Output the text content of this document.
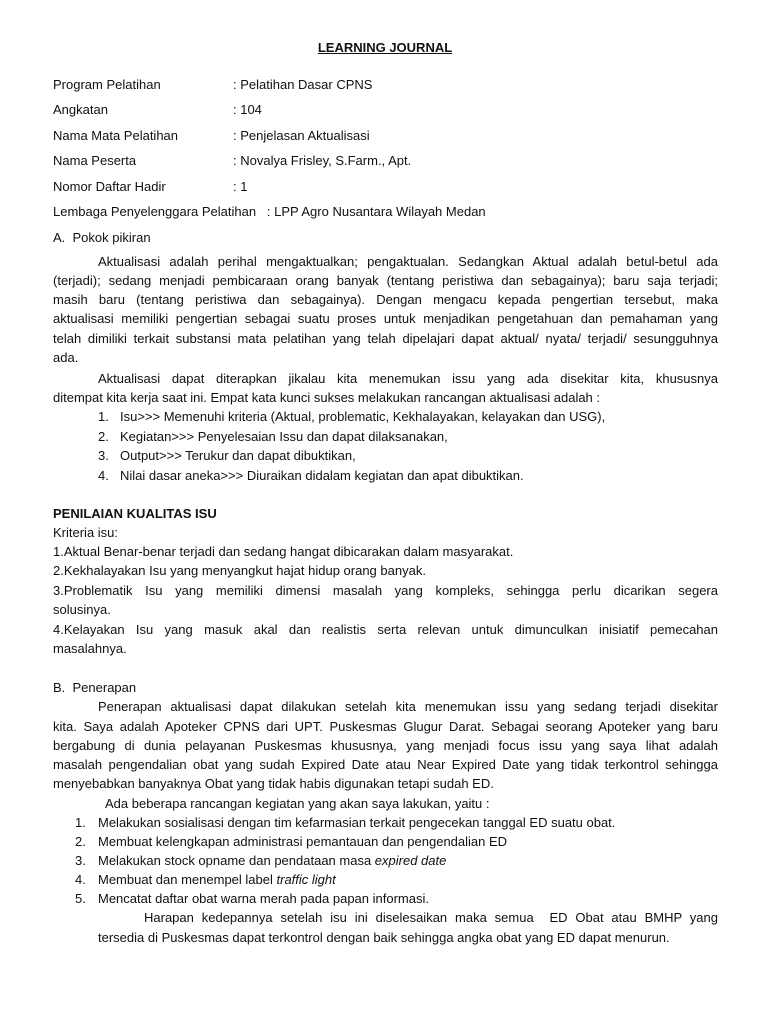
LEARNING JOURNAL
Program Pelatihan	: Pelatihan Dasar CPNS
Angkatan	: 104
Nama Mata Pelatihan	: Penjelasan Aktualisasi
Nama Peserta	: Novalya Frisley, S.Farm., Apt.
Nomor Daftar Hadir	: 1
Lembaga Penyelenggara Pelatihan   : LPP Agro Nusantara Wilayah Medan
A.  Pokok pikiran
Aktualisasi adalah perihal mengaktualkan; pengaktualan. Sedangkan Aktual adalah betul-betul ada
(terjadi); sedang menjadi pembicaraan orang banyak (tentang peristiwa dan sebagainya); baru saja terjadi;
masih baru (tentang peristiwa dan sebagainya). Dengan mengacu kepada pengertian tersebut, maka
aktualisasi memiliki pengertian sebagai suatu proses untuk menjadikan pengetahuan dan pemahaman yang
telah dimiliki terkait substansi mata pelatihan yang telah dipelajari dapat aktual/ nyata/ terjadi/ sesungguhnya
ada.
Aktualisasi dapat diterapkan jikalau kita menemukan issu yang ada disekitar kita, khususnya
ditempat kita kerja saat ini. Empat kata kunci sukses melakukan rancangan aktualisasi adalah :
1. Isu>>> Memenuhi kriteria (Aktual, problematic, Kekhalayakan, kelayakan dan USG),
2. Kegiatan>>> Penyelesaian Issu dan dapat dilaksanakan,
3. Output>>> Terukur dan dapat dibuktikan,
4. Nilai dasar aneka>>> Diuraikan didalam kegiatan dan apat dibuktikan.
PENILAIAN KUALITAS ISU
Kriteria isu:
1.Aktual Benar-benar terjadi dan sedang hangat dibicarakan dalam masyarakat.
2.Kekhalayakan Isu yang menyangkut hajat hidup orang banyak.
3.Problematik Isu yang memiliki dimensi masalah yang kompleks, sehingga perlu dicarikan segera
solusinya.
4.Kelayakan Isu yang masuk akal dan realistis serta relevan untuk dimunculkan inisiatif pemecahan
masalahnya.
B.  Penerapan
Penerapan aktualisasi dapat dilakukan setelah kita menemukan issu yang sedang terjadi disekitar
kita. Saya adalah Apoteker CPNS dari UPT. Puskesmas Glugur Darat. Sebagai seorang Apoteker yang baru
bergabung di dunia pelayanan Puskesmas khususnya, yang menjadi focus issu yang saya lihat adalah
masalah pengendalian obat yang sudah Expired Date atau Near Expired Date yang tidak terkontrol sehingga
menyebabkan banyaknya Obat yang tidak habis digunakan tetapi sudah ED.
Ada beberapa rancangan kegiatan yang akan saya lakukan, yaitu :
1. Melakukan sosialisasi dengan tim kefarmasian terkait pengecekan tanggal ED suatu obat.
2. Membuat kelengkapan administrasi pemantauan dan pengendalian ED
3. Melakukan stock opname dan pendataan masa expired date
4. Membuat dan menempel label traffic light
5. Mencatat daftar obat warna merah pada papan informasi.
Harapan kedepannya setelah isu ini diselesaikan maka semua  ED Obat atau BMHP yang
tersedia di Puskesmas dapat terkontrol dengan baik sehingga angka obat yang ED dapat menurun.
